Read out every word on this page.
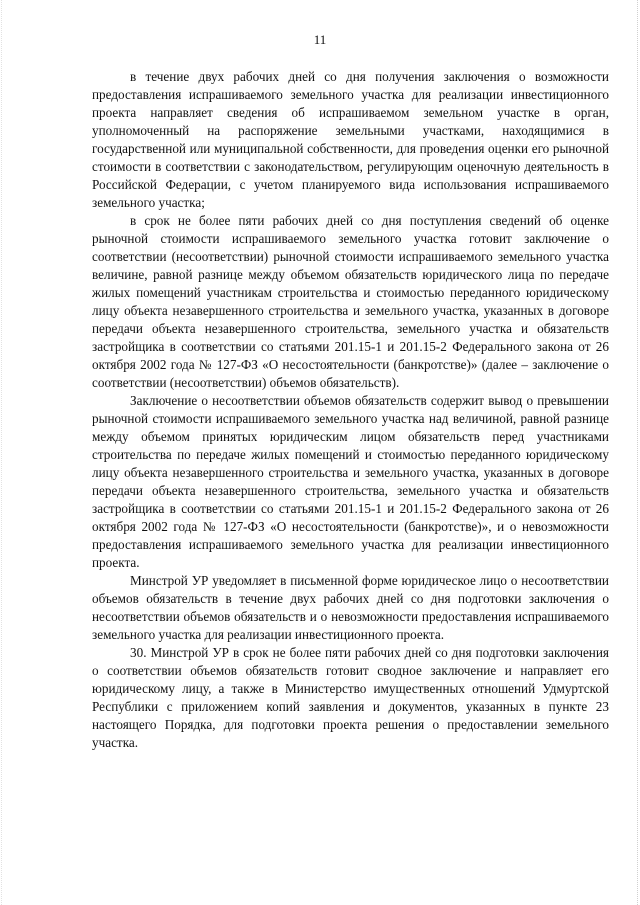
11

в течение двух рабочих дней со дня получения заключения о возможности предоставления испрашиваемого земельного участка для реализации инвестиционного проекта направляет сведения об испрашиваемом земельном участке в орган, уполномоченный на распоряжение земельными участками, находящимися в государственной или муниципальной собственности, для проведения оценки его рыночной стоимости в соответствии с законодательством, регулирующим оценочную деятельность в Российской Федерации, с учетом планируемого вида использования испрашиваемого земельного участка;

в срок не более пяти рабочих дней со дня поступления сведений об оценке рыночной стоимости испрашиваемого земельного участка готовит заключение о соответствии (несоответствии) рыночной стоимости испрашиваемого земельного участка величине, равной разнице между объемом обязательств юридического лица по передаче жилых помещений участникам строительства и стоимостью переданного юридическому лицу объекта незавершенного строительства и земельного участка, указанных в договоре передачи объекта незавершенного строительства, земельного участка и обязательств застройщика в соответствии со статьями 201.15-1 и 201.15-2 Федерального закона от 26 октября 2002 года № 127-ФЗ «О несостоятельности (банкротстве)» (далее – заключение о соответствии (несоответствии) объемов обязательств).

Заключение о несоответствии объемов обязательств содержит вывод о превышении рыночной стоимости испрашиваемого земельного участка над величиной, равной разнице между объемом принятых юридическим лицом обязательств перед участниками строительства по передаче жилых помещений и стоимостью переданного юридическому лицу объекта незавершенного строительства и земельного участка, указанных в договоре передачи объекта незавершенного строительства, земельного участка и обязательств застройщика в соответствии со статьями 201.15-1 и 201.15-2 Федерального закона от 26 октября 2002 года № 127-ФЗ «О несостоятельности (банкротстве)», и о невозможности предоставления испрашиваемого земельного участка для реализации инвестиционного проекта.

Минстрой УР уведомляет в письменной форме юридическое лицо о несоответствии объемов обязательств в течение двух рабочих дней со дня подготовки заключения о несоответствии объемов обязательств и о невозможности предоставления испрашиваемого земельного участка для реализации инвестиционного проекта.

30. Минстрой УР в срок не более пяти рабочих дней со дня подготовки заключения о соответствии объемов обязательств готовит сводное заключение и направляет его юридическому лицу, а также в Министерство имущественных отношений Удмуртской Республики с приложением копий заявления и документов, указанных в пункте 23 настоящего Порядка, для подготовки проекта решения о предоставлении земельного участка.
